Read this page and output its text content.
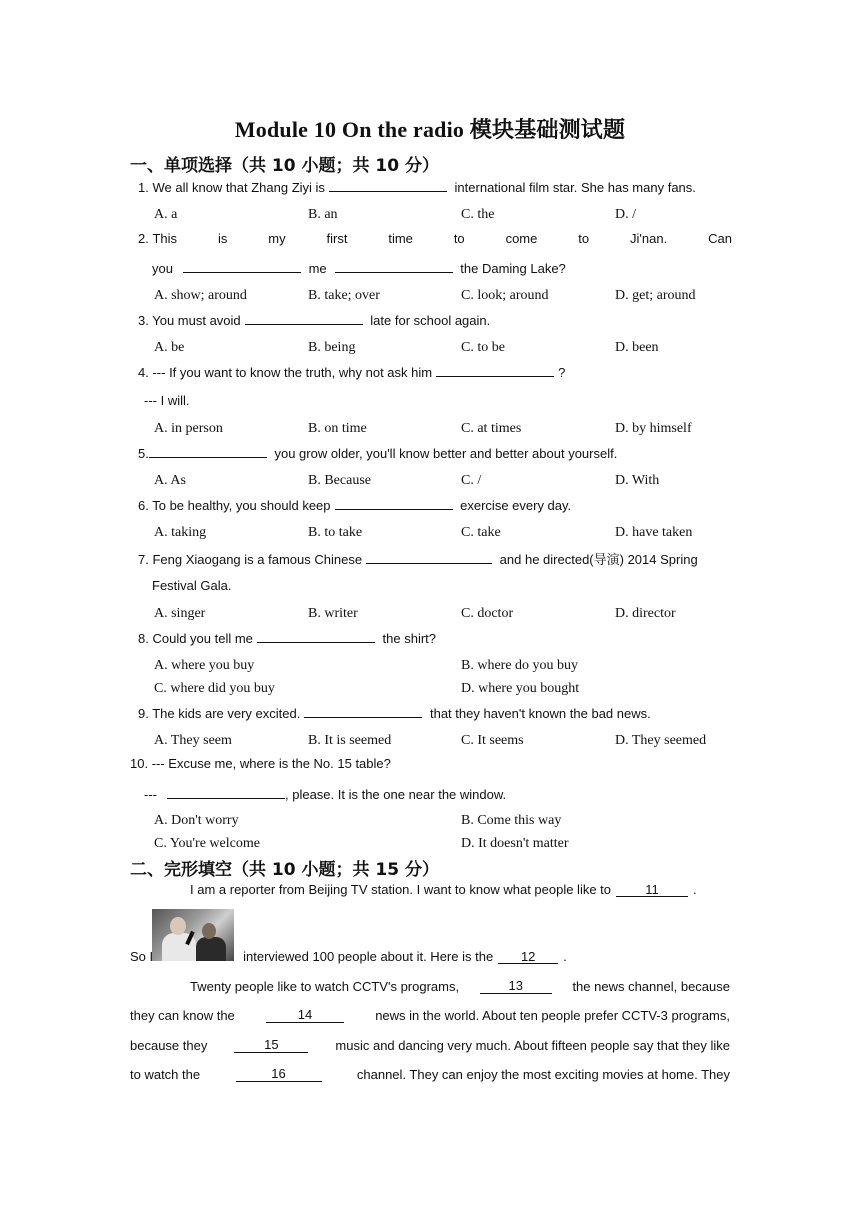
Module 10 On the radio 模块基础测试题
一、单项选择（共 10 小题；共 10 分）
1. We all know that Zhang Ziyi is	international film star. She has many fans.
A. a	B. an	C. the	D. /
2. This	is	my	first	time	to	come	to	Ji'nan.	Can
you	me	the Daming Lake?
A. show; around	B. take; over	C. look; around	D. get; around
3. You must avoid	late for school again.
A. be	B. being	C. to be	D. been
4. --- If you want to know the truth, why not ask him	?
--- I will.
A. in person	B. on time	C. at times	D. by himself
5.	you grow older, you'll know better and better about yourself.
A. As	B. Because	C. /	D. With
6. To be healthy, you should keep	exercise every day.
A. taking	B. to take	C. take	D. have taken
7. Feng Xiaogang is a famous Chinese	and he directed(导演) 2014 Spring
Festival Gala.
A. singer	B. writer	C. doctor	D. director
8. Could you tell me	the shirt?
A. where you buy	B. where do you buy
C. where did you buy	D. where you bought
9. The kids are very excited.	that they haven't known the bad news.
A. They seem	B. It is seemed	C. It seems	D. They seemed
10. --- Excuse me, where is the No. 15 table?
---	, please. It is the one near the window.
A. Don't worry	B. Come this way
C. You're welcome	D. It doesn't matter
二、完形填空（共 10 小题；共 15 分）
I am a reporter from Beijing TV station. I want to know what people like to	11	.
So I	interviewed 100 people about it. Here is the 12 .
Twenty people like to watch CCTV's programs,	13	the news channel, because
they can know the	14	news in the world. About ten people prefer CCTV-3 programs,
because they	15	music and dancing very much. About fifteen people say that they like
to watch the	16	channel. They can enjoy the most exciting movies at home. They
